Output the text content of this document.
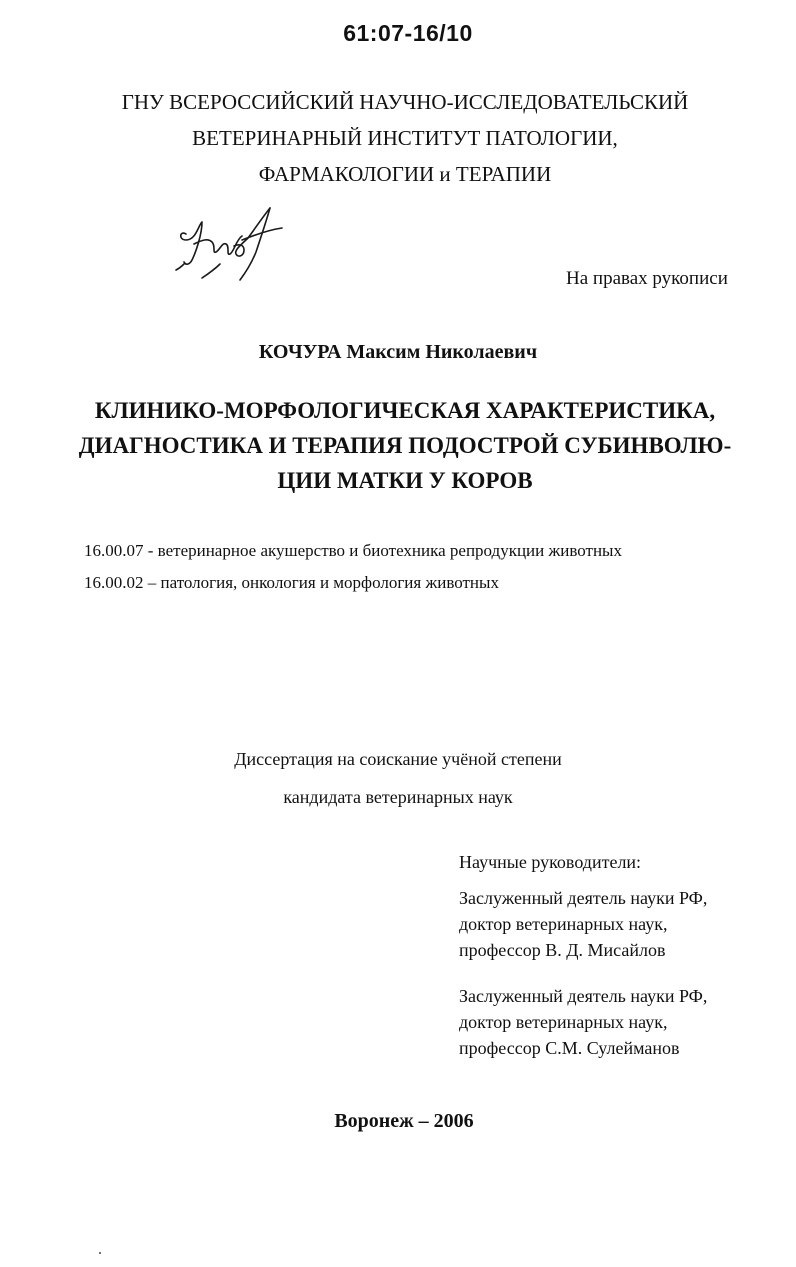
61:07-16/10
ГНУ ВСЕРОССИЙСКИЙ НАУЧНО-ИССЛЕДОВАТЕЛЬСКИЙ
ВЕТЕРИНАРНЫЙ ИНСТИТУТ ПАТОЛОГИИ,
ФАРМАКОЛОГИИ и ТЕРАПИИ
На правах рукописи
КОЧУРА Максим Николаевич
КЛИНИКО-МОРФОЛОГИЧЕСКАЯ ХАРАКТЕРИСТИКА,
ДИАГНОСТИКА И ТЕРАПИЯ ПОДОСТРОЙ СУБИНВОЛЮ-
ЦИИ МАТКИ У КОРОВ
16.00.07 - ветеринарное акушерство и биотехника репродукции животных
16.00.02 – патология, онкология и морфология животных
Диссертация на соискание учёной степени
кандидата ветеринарных наук
Научные руководители:
Заслуженный деятель науки РФ,
доктор ветеринарных наук,
профессор В. Д. Мисайлов
Заслуженный деятель науки РФ,
доктор ветеринарных наук,
профессор С.М. Сулейманов
Воронеж – 2006
